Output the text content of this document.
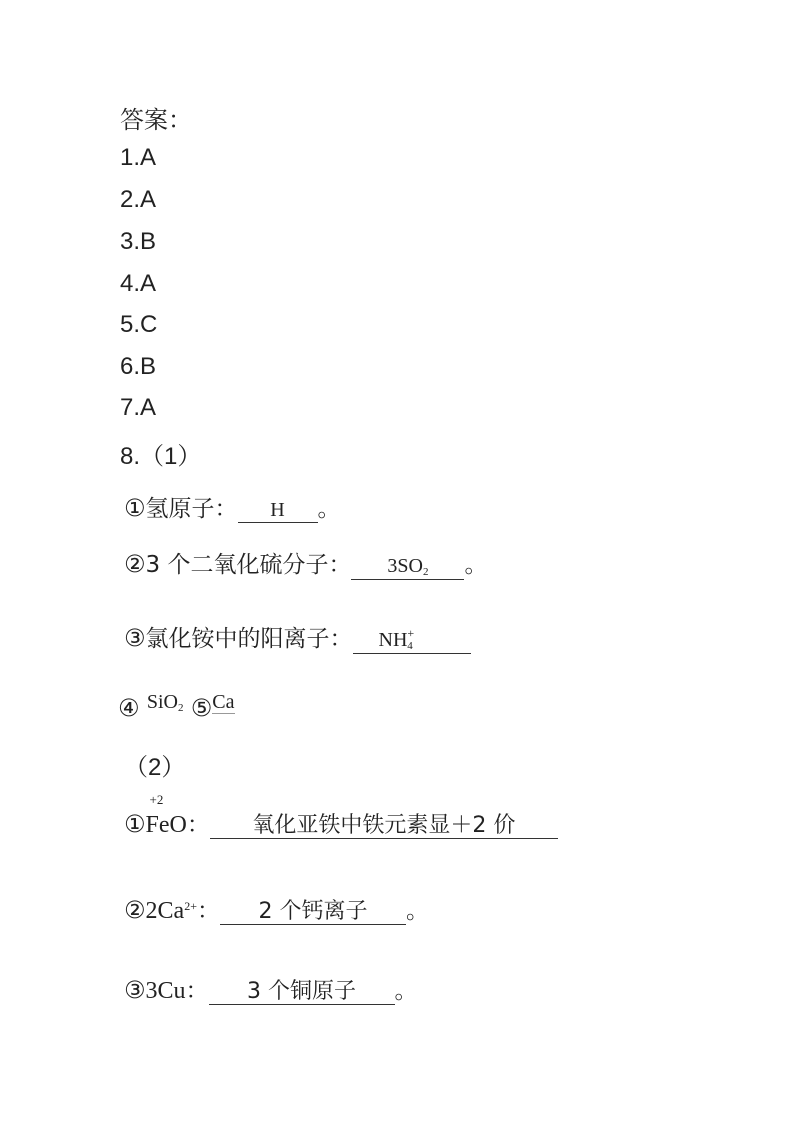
答案：
1.A
2.A
3.B
4.A
5.C
6.B
7.A
8.（1）
①氢原子： H 。
②3 个二氧化硫分子： $3SO_2$ 。
③氯化铵中的阳离子： $NH^+_4$
④ SiO$_2$ ⑤Ca
（2）
①
+2
FeO： 氧化亚铁中铁元素显＋2 价
$②2Ca^{2+}$： 2 个钙离子 。
③3Cu： 3 个铜原子 。
